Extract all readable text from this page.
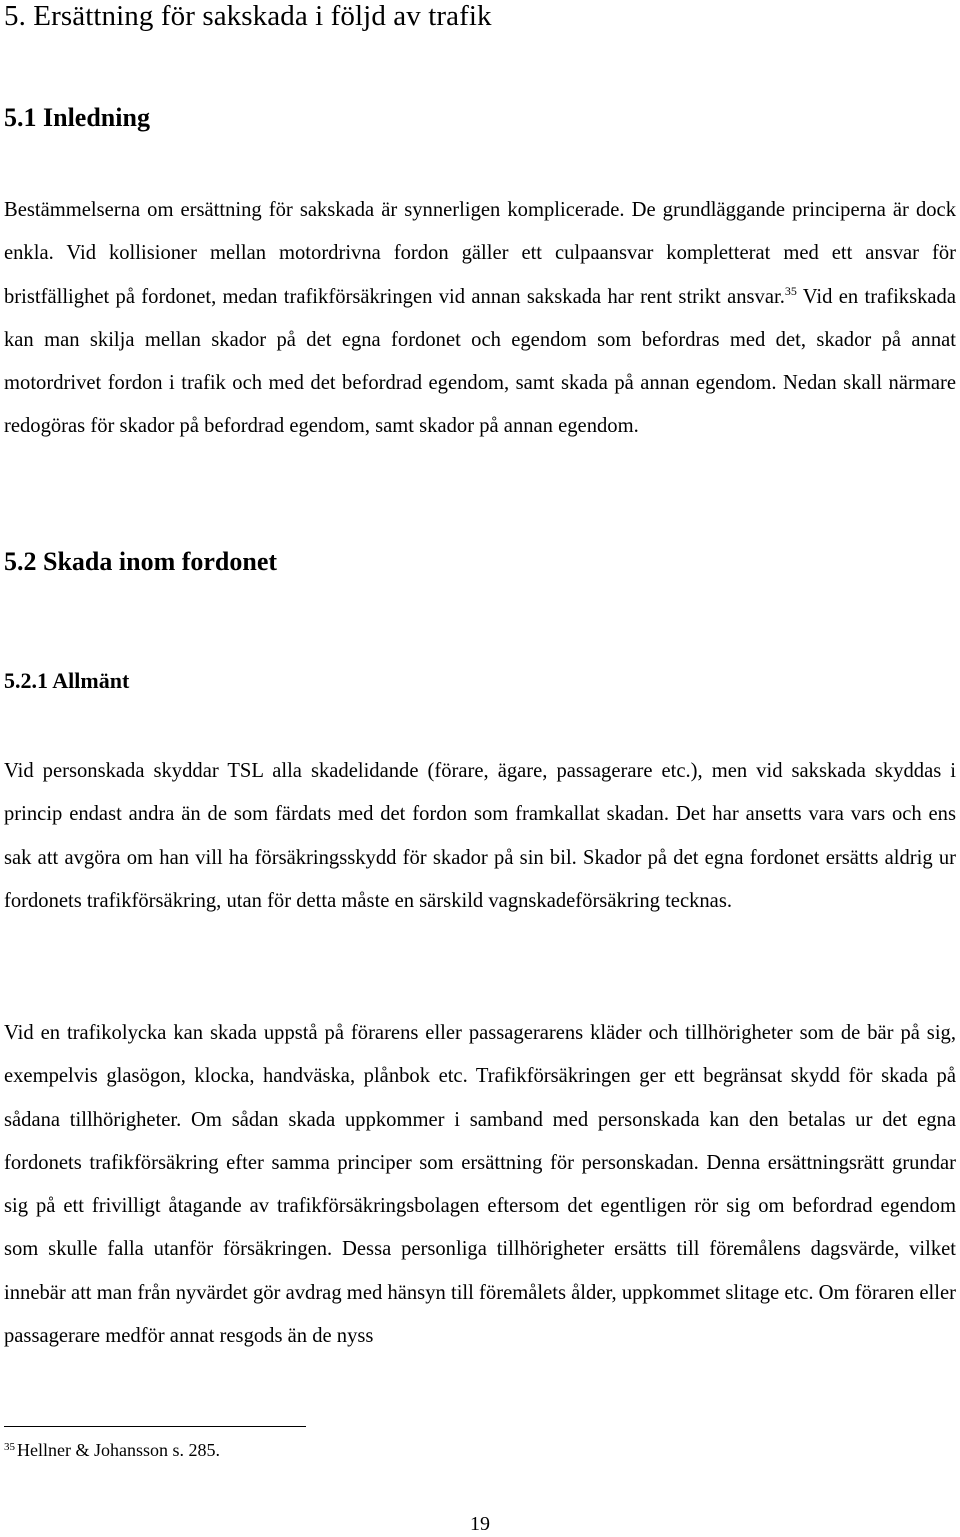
5. Ersättning för sakskada i följd av trafik
5.1 Inledning

Bestämmelserna om ersättning för sakskada är synnerligen komplicerade. De grundläggande principerna är dock enkla. Vid kollisioner mellan motordrivna fordon gäller ett culpaansvar kompletterat med ett ansvar för bristfällighet på fordonet, medan trafikförsäkringen vid annan sakskada har rent strikt ansvar.$^{35}$ Vid en trafikskada kan man skilja mellan skador på det egna fordonet och egendom som befordras med det, skador på annat motordrivet fordon i trafik och med det befordrad egendom, samt skada på annan egendom. Nedan skall närmare redogöras för skador på befordrad egendom, samt skador på annan egendom.

5.2 Skada inom fordonet
5.2.1 Allmänt

Vid personskada skyddar TSL alla skadelidande (förare, ägare, passagerare etc.), men vid sakskada skyddas i princip endast andra än de som färdats med det fordon som framkallat skadan. Det har ansetts vara vars och ens sak att avgöra om han vill ha försäkringsskydd för skador på sin bil. Skador på det egna fordonet ersätts aldrig ur fordonets trafikförsäkring, utan för detta måste en särskild vagnskadeförsäkring tecknas.

Vid en trafikolycka kan skada uppstå på förarens eller passagerarens kläder och tillhörigheter som de bär på sig, exempelvis glasögon, klocka, handväska, plånbok etc. Trafikförsäkringen ger ett begränsat skydd för skada på sådana tillhörigheter. Om sådan skada uppkommer i samband med personskada kan den betalas ur det egna fordonets trafikförsäkring efter samma principer som ersättning för personskadan. Denna ersättningsrätt grundar sig på ett frivilligt åtagande av trafikförsäkringsbolagen eftersom det egentligen rör sig om befordrad egendom som skulle falla utanför försäkringen. Dessa personliga tillhörigheter ersätts till föremålens dagsvärde, vilket innebär att man från nyvärdet gör avdrag med hänsyn till föremålets ålder, uppkommet slitage etc. Om föraren eller passagerare medför annat resgods än de nyss

$^{35}$ Hellner & Johansson s. 285.

19
